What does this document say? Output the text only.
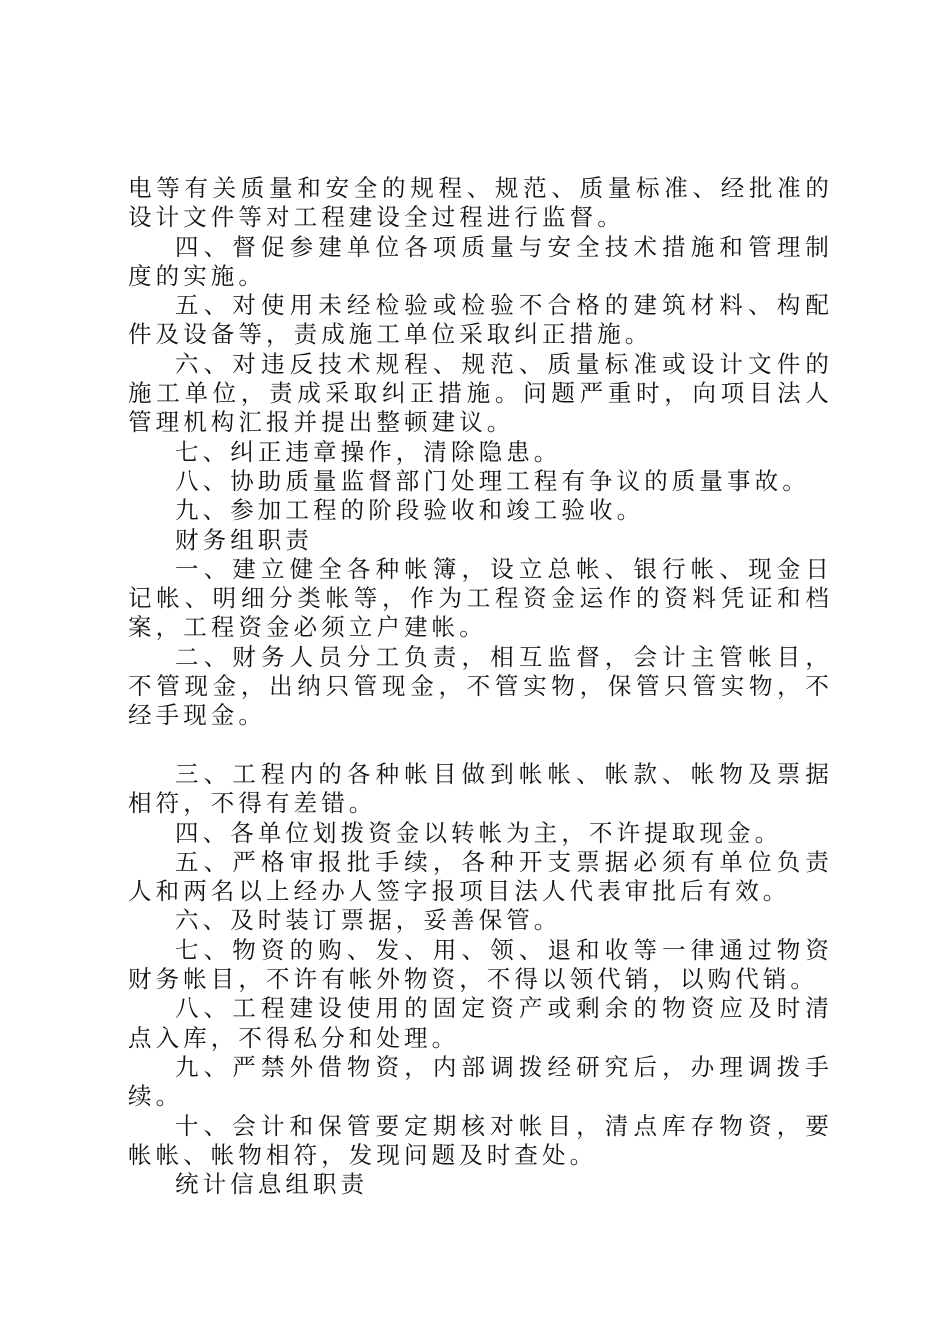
电等有关质量和安全的规程、规范、质量标准、经批准的设计文件等对工程建设全过程进行监督。

四、督促参建单位各项质量与安全技术措施和管理制度的实施。

五、对使用未经检验或检验不合格的建筑材料、构配件及设备等，责成施工单位采取纠正措施。

六、对违反技术规程、规范、质量标准或设计文件的施工单位，责成采取纠正措施。问题严重时，向项目法人管理机构汇报并提出整顿建议。

七、纠正违章操作，清除隐患。

八、协助质量监督部门处理工程有争议的质量事故。

九、参加工程的阶段验收和竣工验收。

财务组职责

一、建立健全各种帐簿，设立总帐、银行帐、现金日记帐、明细分类帐等，作为工程资金运作的资料凭证和档案，工程资金必须立户建帐。

二、财务人员分工负责，相互监督，会计主管帐目，不管现金，出纳只管现金，不管实物，保管只管实物，不经手现金。

三、工程内的各种帐目做到帐帐、帐款、帐物及票据相符，不得有差错。

四、各单位划拨资金以转帐为主，不许提取现金。

五、严格审报批手续，各种开支票据必须有单位负责人和两名以上经办人签字报项目法人代表审批后有效。

六、及时装订票据，妥善保管。

七、物资的购、发、用、领、退和收等一律通过物资财务帐目，不许有帐外物资，不得以领代销，以购代销。

八、工程建设使用的固定资产或剩余的物资应及时清点入库，不得私分和处理。

九、严禁外借物资，内部调拨经研究后，办理调拨手续。

十、会计和保管要定期核对帐目，清点库存物资，要帐帐、帐物相符，发现问题及时查处。

统计信息组职责
